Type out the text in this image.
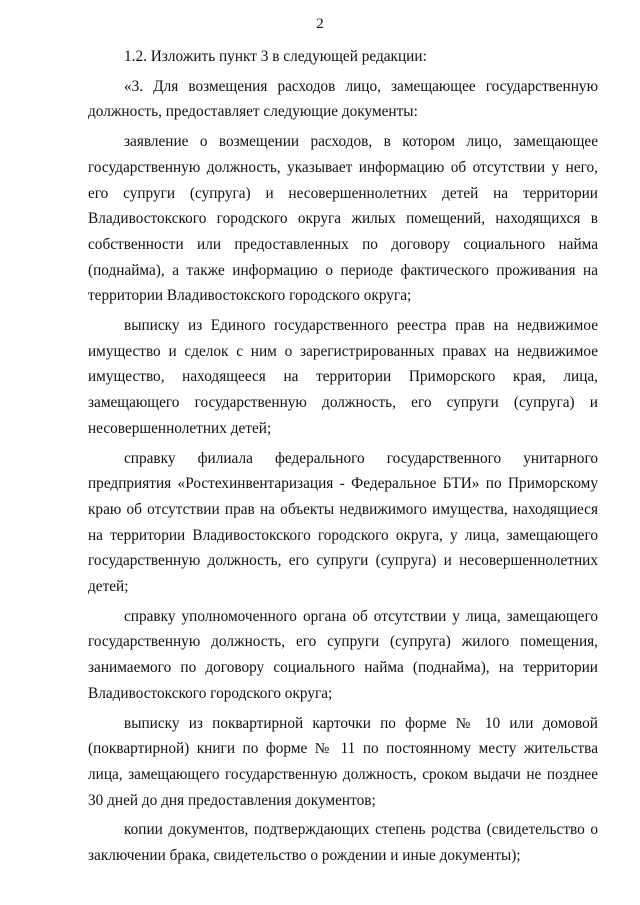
2

1.2. Изложить пункт 3 в следующей редакции:

«3. Для возмещения расходов лицо, замещающее государственную должность, предоставляет следующие документы:

заявление о возмещении расходов, в котором лицо, замещающее государственную должность, указывает информацию об отсутствии у него, его супруги (супруга) и несовершеннолетних детей на территории Владивостокского городского округа жилых помещений, находящихся в собственности или предоставленных по договору социального найма (поднайма), а также информацию о периоде фактического проживания на территории Владивостокского городского округа;

выписку из Единого государственного реестра прав на недвижимое имущество и сделок с ним о зарегистрированных правах на недвижимое имущество, находящееся на территории Приморского края, лица, замещающего государственную должность, его супруги (супруга) и несовершеннолетних детей;

справку филиала федерального государственного унитарного предприятия «Ростехинвентаризация - Федеральное БТИ» по Приморскому краю об отсутствии прав на объекты недвижимого имущества, находящиеся на территории Владивостокского городского округа, у лица, замещающего государственную должность, его супруги (супруга) и несовершеннолетних детей;

справку уполномоченного органа об отсутствии у лица, замещающего государственную должность, его супруги (супруга) жилого помещения, занимаемого по договору социального найма (поднайма), на территории Владивостокского городского округа;

выписку из поквартирной карточки по форме № 10 или домовой (поквартирной) книги по форме № 11 по постоянному месту жительства лица, замещающего государственную должность, сроком выдачи не позднее 30 дней до дня предоставления документов;

копии документов, подтверждающих степень родства (свидетельство о заключении брака, свидетельство о рождении и иные документы);
